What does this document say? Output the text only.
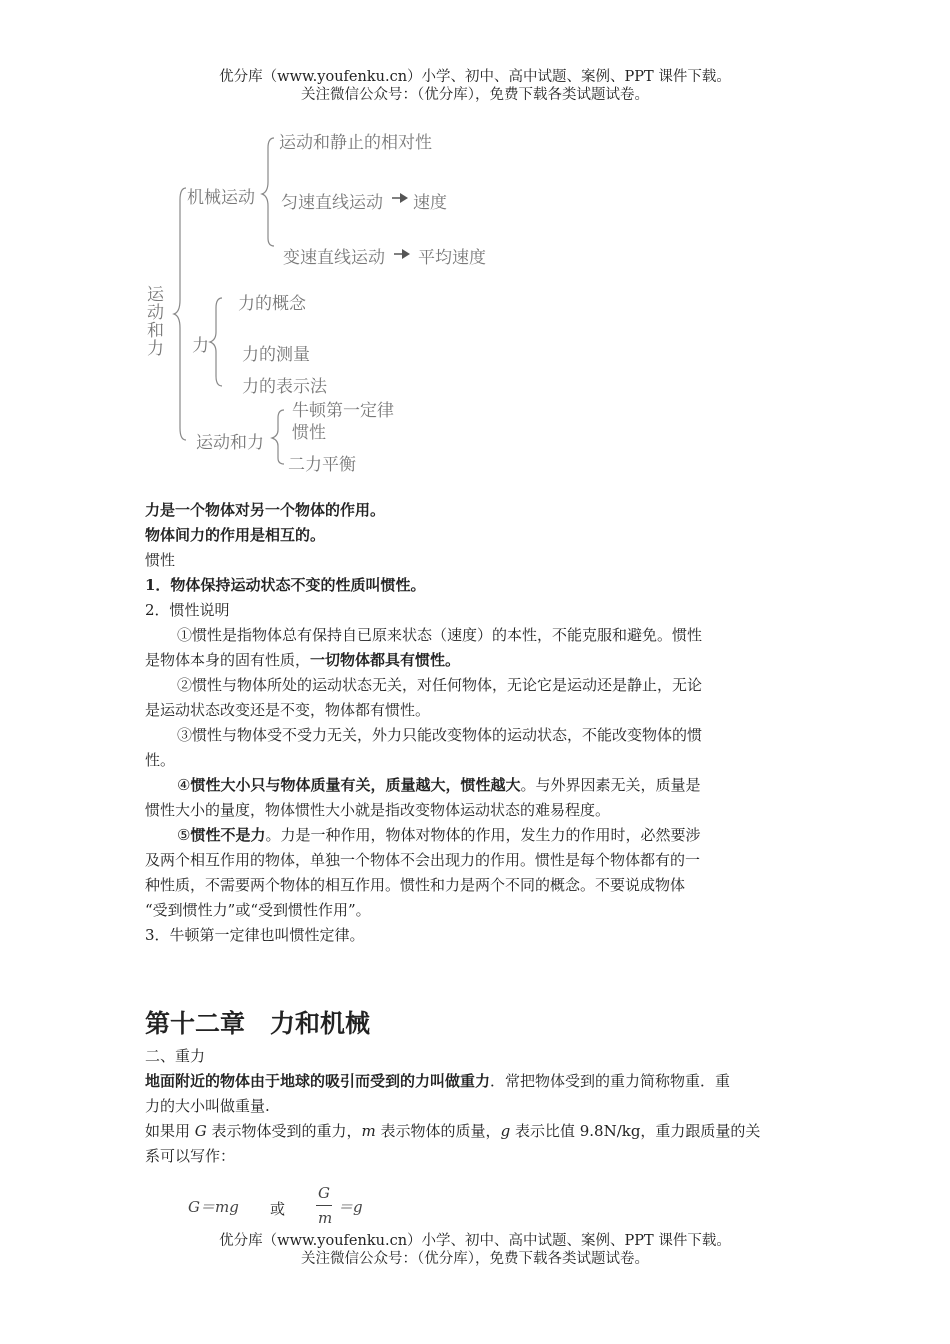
优分库（www.youfenku.cn）小学、初中、高中试题、案例、PPT 课件下载。
关注微信公众号：（优分库），免费下载各类试题试卷。
运
动
和
力
机械运动
运动和静止的相对性
匀速直线运动 速度
变速直线运动 平均速度
力
力的概念
力的测量
力的表示法
运动和力
牛顿第一定律
惯性
二力平衡
力是一个物体对另一个物体的作用。
物体间力的作用是相互的。
惯性
1．物体保持运动状态不变的性质叫惯性。
2．惯性说明
①惯性是指物体总有保持自已原来状态（速度）的本性，不能克服和避免。惯性
是物体本身的固有性质，一切物体都具有惯性。
②惯性与物体所处的运动状态无关，对任何物体，无论它是运动还是静止，无论
是运动状态改变还是不变，物体都有惯性。
③惯性与物体受不受力无关，外力只能改变物体的运动状态，不能改变物体的惯
性。
④惯性大小只与物体质量有关，质量越大，惯性越大。与外界因素无关，质量是
惯性大小的量度，物体惯性大小就是指改变物体运动状态的难易程度。
⑤惯性不是力。力是一种作用，物体对物体的作用，发生力的作用时，必然要涉
及两个相互作用的物体，单独一个物体不会出现力的作用。惯性是每个物体都有的一
种性质，不需要两个物体的相互作用。惯性和力是两个不同的概念。不要说成物体
“受到惯性力”或“受到惯性作用”。
3．牛顿第一定律也叫惯性定律。
第十二章　力和机械
二、重力
地面附近的物体由于地球的吸引而受到的力叫做重力．常把物体受到的重力简称物重．重
力的大小叫做重量.
如果用 G 表示物体受到的重力，m 表示物体的质量，g 表示比值 9.8N/kg，重力跟质量的关
系可以写作：
G＝mg 或
G
m
＝g
优分库（www.youfenku.cn）小学、初中、高中试题、案例、PPT 课件下载。
关注微信公众号：（优分库），免费下载各类试题试卷。
